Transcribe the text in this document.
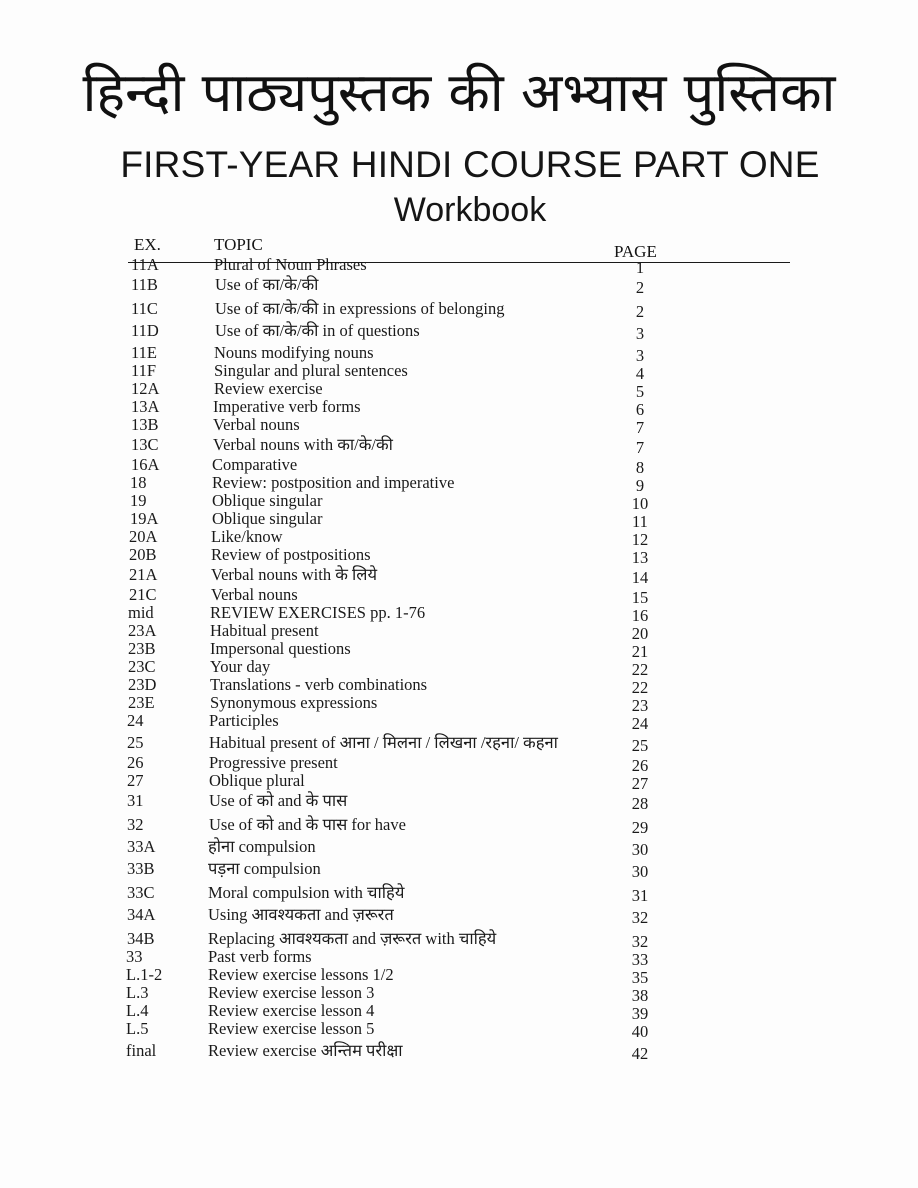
हिन्दी पाठ्यपुस्तक की अभ्यास पुस्तिका
FIRST-YEAR HINDI COURSE PART ONE
Workbook
EX.	TOPIC	PAGE
11A	Plural of Noun Phrases	1
11B	Use of का/के/की	2
11C	Use of का/के/की in expressions of belonging	2
11D	Use of का/के/की in of questions	3
11E	Nouns modifying nouns	3
11F	Singular and plural sentences	4
12A	Review exercise	5
13A	Imperative verb forms	6
13B	Verbal nouns	7
13C	Verbal nouns with का/के/की	7
16A	Comparative	8
18	Review: postposition and imperative	9
19	Oblique singular	10
19A	Oblique singular	11
20A	Like/know	12
20B	Review of postpositions	13
21A	Verbal nouns with के लिये	14
21C	Verbal nouns	15
mid	REVIEW EXERCISES pp. 1-76	16
23A	Habitual present	20
23B	Impersonal questions	21
23C	Your day	22
23D	Translations - verb combinations	22
23E	Synonymous expressions	23
24	Participles	24
25	Habitual present of आना / मिलना / लिखना /रहना/ कहना	25
26	Progressive present	26
27	Oblique plural	27
31	Use of को and के पास	28
32	Use of को and के पास for have	29
33A	होना compulsion	30
33B	पड़ना compulsion	30
33C	Moral compulsion with चाहिये	31
34A	Using आवश्यकता and ज़रूरत	32
34B	Replacing आवश्यकता and ज़रूरत with चाहिये	32
33	Past verb forms	33
L.1-2	Review exercise lessons 1/2	35
L.3	Review exercise lesson 3	38
L.4	Review exercise lesson 4	39
L.5	Review exercise lesson 5	40
final	Review exercise अन्तिम परीक्षा	42
